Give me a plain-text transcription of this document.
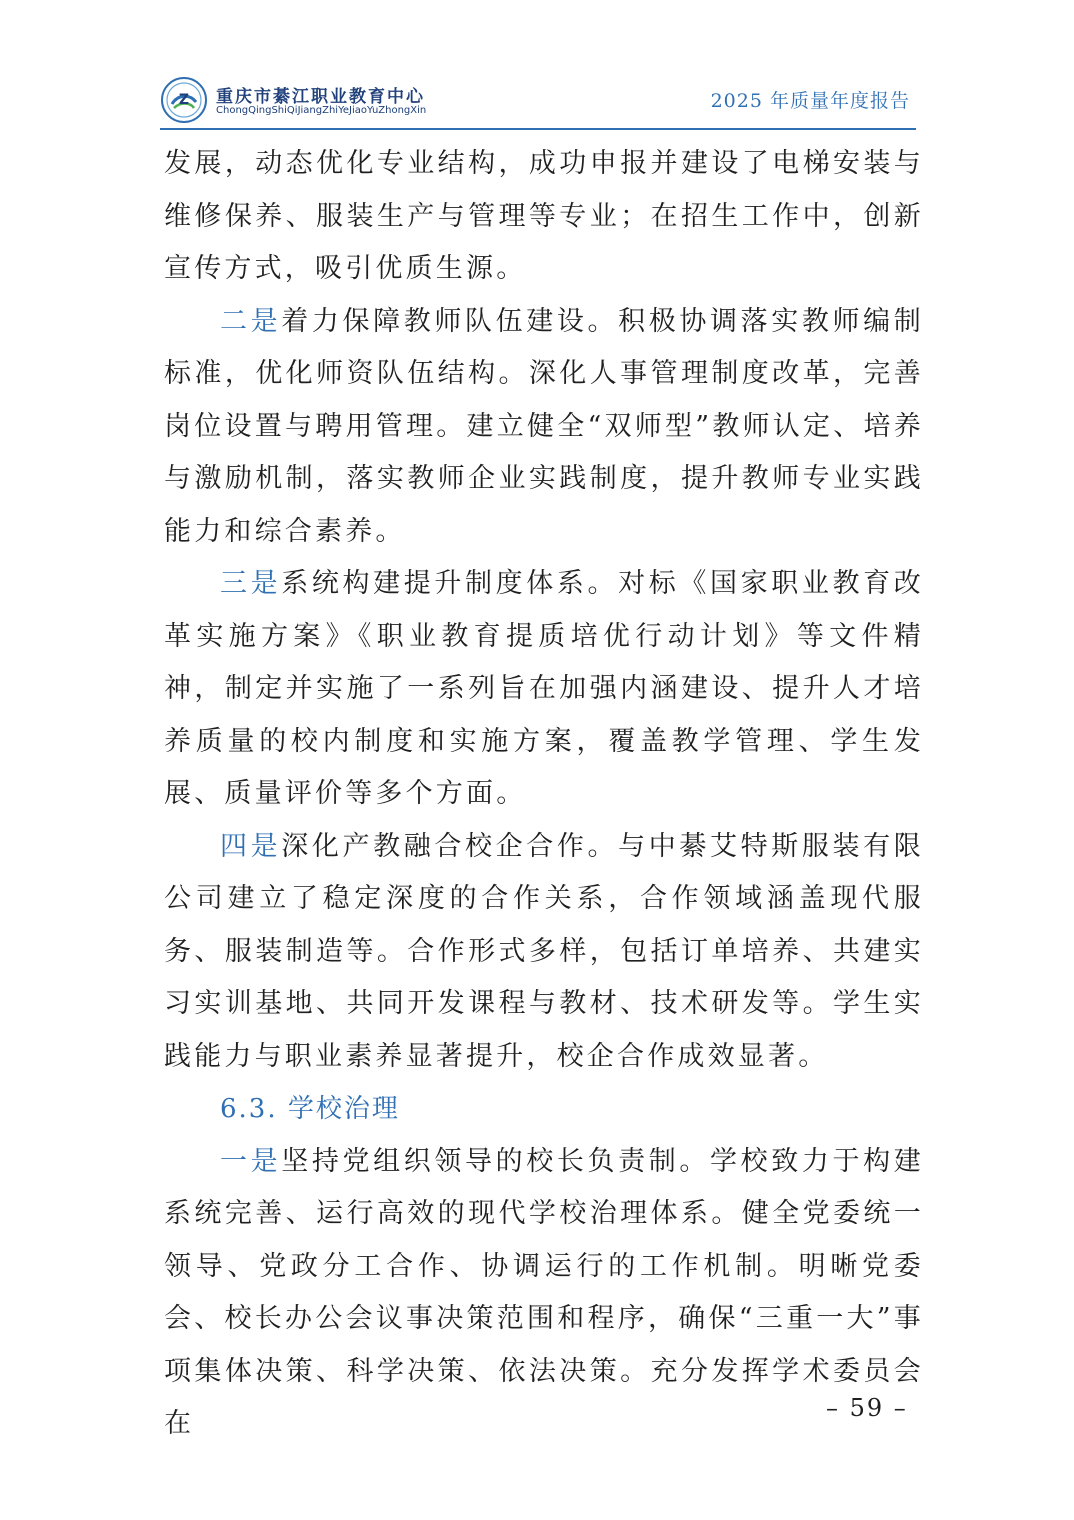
Z 重庆市綦江职业教育中心
ChongQingShiQiJiangZhiYeJiaoYuZhongXin	2025 年质量年度报告

发展，动态优化专业结构，成功申报并建设了电梯安装与维修保养、服装生产与管理等专业；在招生工作中，创新宣传方式，吸引优质生源。

二是着力保障教师队伍建设。积极协调落实教师编制标准，优化师资队伍结构。深化人事管理制度改革，完善岗位设置与聘用管理。建立健全“双师型”教师认定、培养与激励机制，落实教师企业实践制度，提升教师专业实践能力和综合素养。

三是系统构建提升制度体系。对标《国家职业教育改革实施方案》《职业教育提质培优行动计划》等文件精神，制定并实施了一系列旨在加强内涵建设、提升人才培养质量的校内制度和实施方案，覆盖教学管理、学生发展、质量评价等多个方面。

四是深化产教融合校企合作。与中綦艾特斯服装有限公司建立了稳定深度的合作关系，合作领域涵盖现代服务、服装制造等。合作形式多样，包括订单培养、共建实习实训基地、共同开发课程与教材、技术研发等。学生实践能力与职业素养显著提升，校企合作成效显著。

6.3. 学校治理

一是坚持党组织领导的校长负责制。学校致力于构建系统完善、运行高效的现代学校治理体系。健全党委统一领导、党政分工合作、协调运行的工作机制。明晰党委会、校长办公会议事决策范围和程序，确保“三重一大”事项集体决策、科学决策、依法决策。充分发挥学术委员会在	– 59 –
